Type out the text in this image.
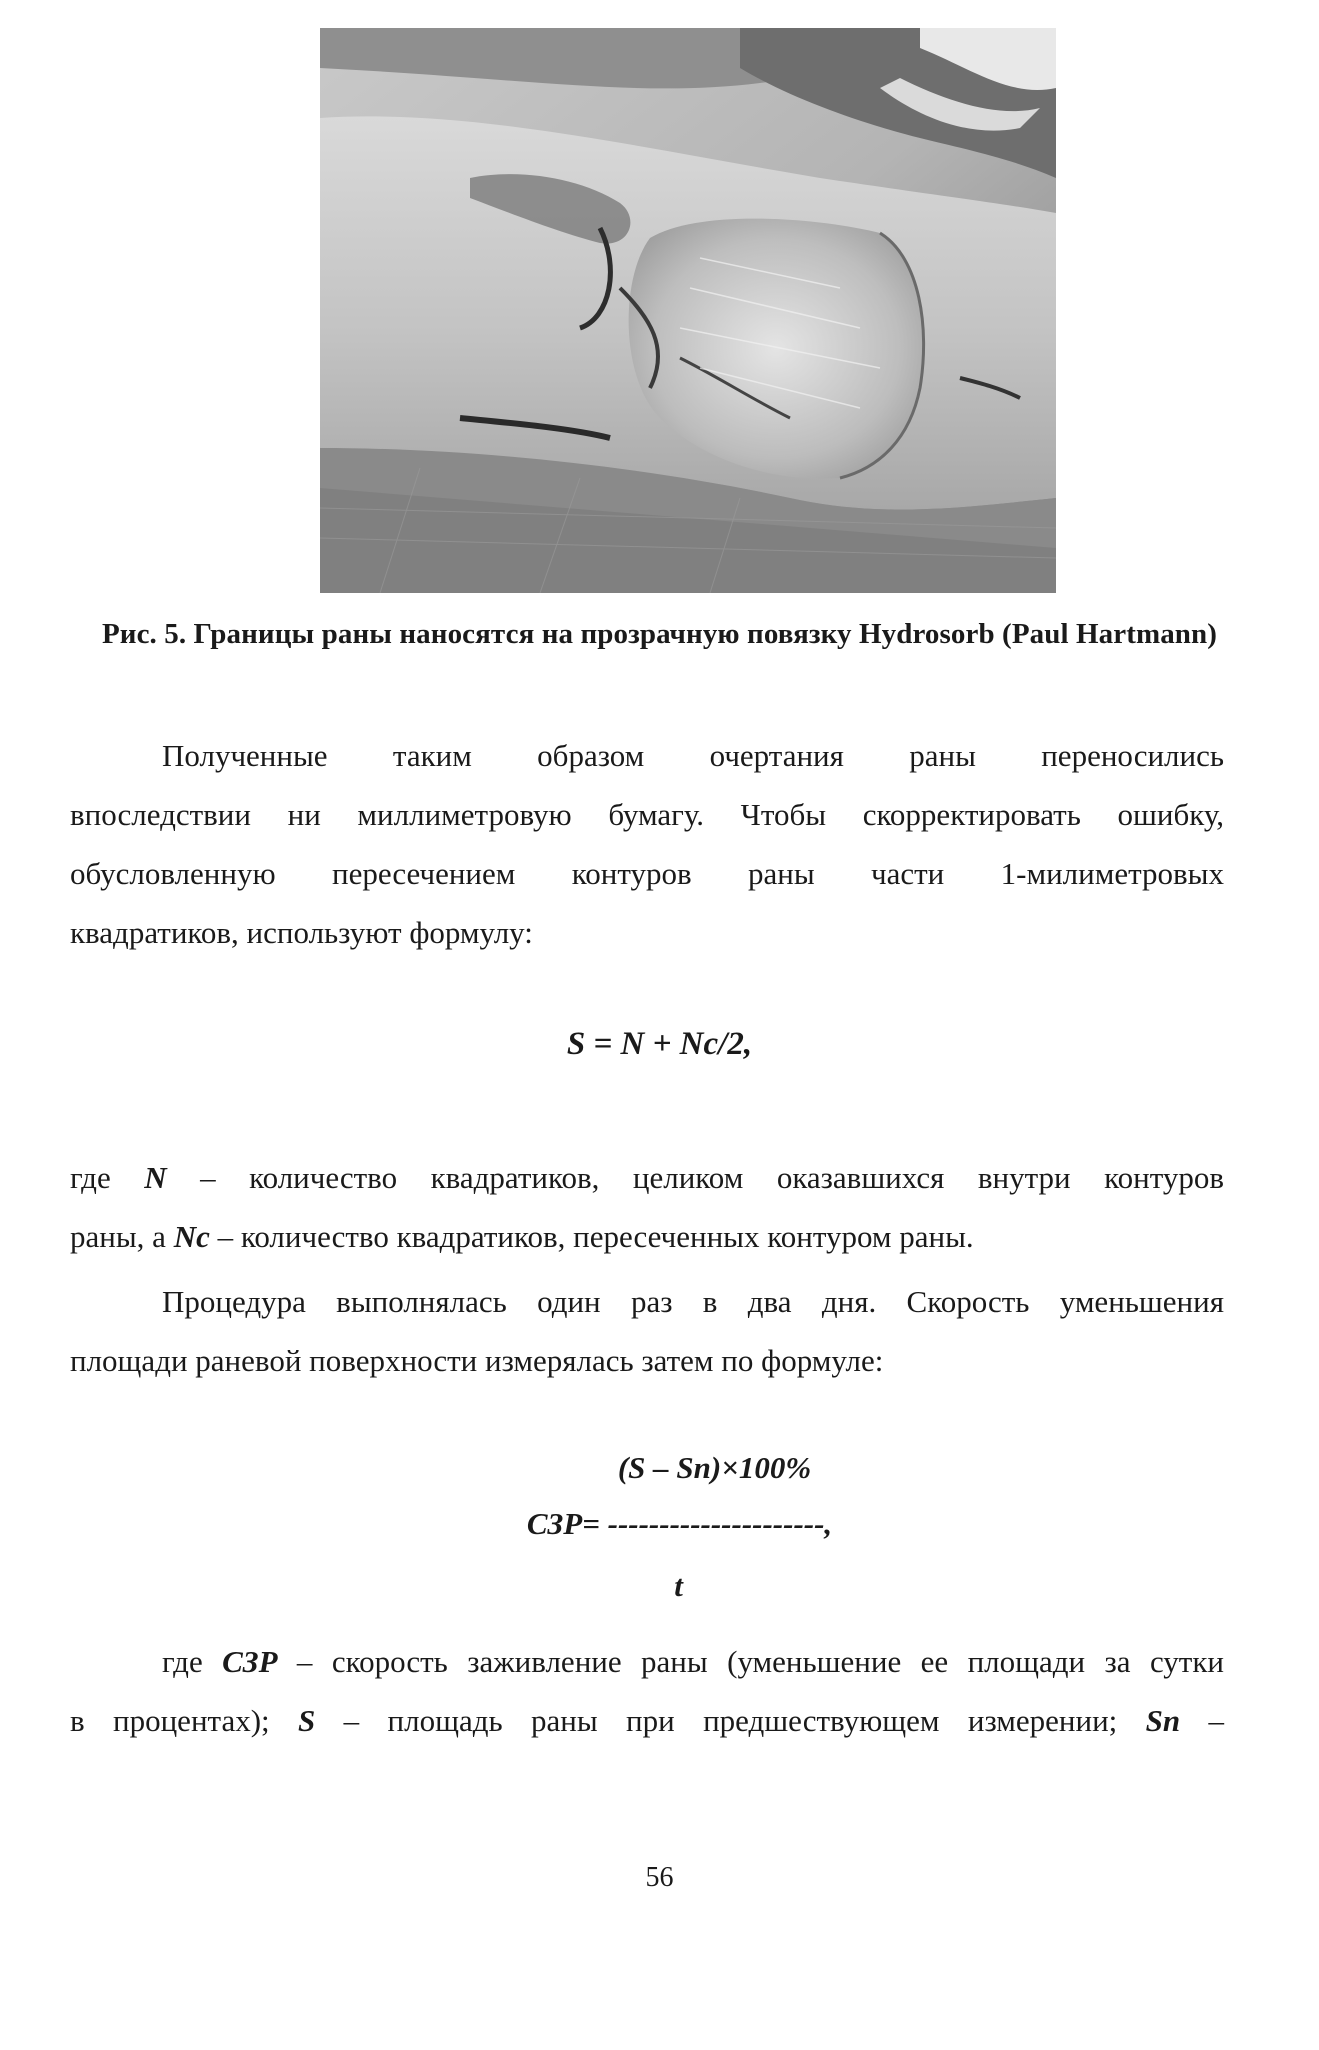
Рис. 5. Границы раны наносятся на прозрачную повязку Hydrosorb (Paul Hartmann)
Полученные таким образом очертания раны переносились
впоследствии ни миллиметровую бумагу. Чтобы скорректировать ошибку,
обусловленную пересечением контуров раны части 1-милиметровых
квадратиков, используют формулу:
S = N + Nc/2,
где N – количество квадратиков, целиком оказавшихся внутри контуров
раны, а Nc – количество квадратиков, пересеченных контуром раны.
Процедура выполнялась один раз в два дня. Скорость уменьшения
площади раневой поверхности измерялась затем по формуле:
(S – Sn)×100%
СЗР= ---------------------,
t
где СЗР – скорость заживление раны (уменьшение ее площади за сутки
в процентах); S – площадь раны при предшествующем измерении; Sn –
56
